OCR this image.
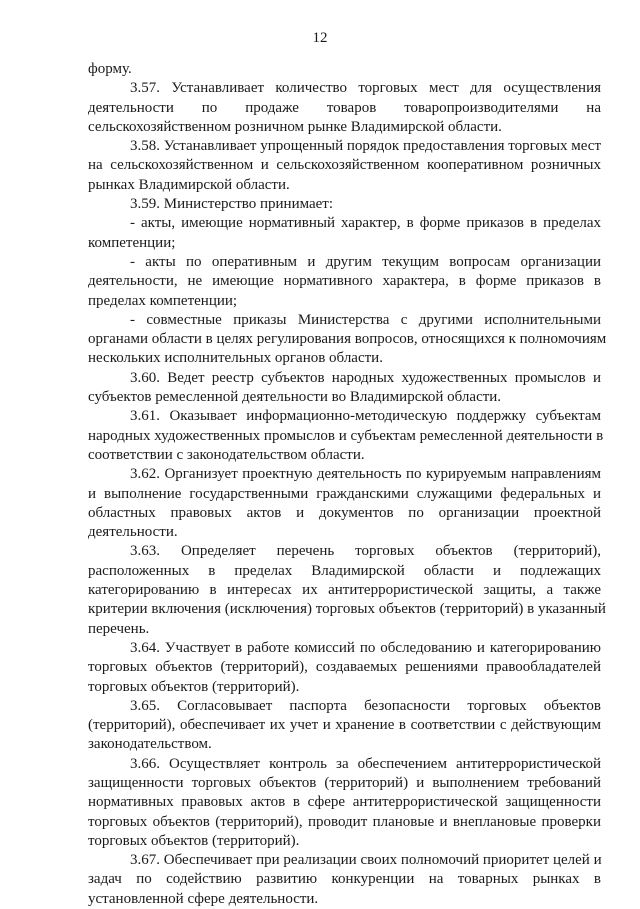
12
форму.
3.57. Устанавливает количество торговых мест для осуществления
деятельности по продаже товаров товаропроизводителями на
сельскохозяйственном розничном рынке Владимирской области.
3.58. Устанавливает упрощенный порядок предоставления торговых мест
на сельскохозяйственном и сельскохозяйственном кооперативном розничных
рынках Владимирской области.
3.59. Министерство принимает:
- акты, имеющие нормативный характер, в форме приказов в пределах
компетенции;
- акты по оперативным и другим текущим вопросам организации
деятельности, не имеющие нормативного характера, в форме приказов в
пределах компетенции;
- совместные приказы Министерства с другими исполнительными
органами области в целях регулирования вопросов, относящихся к полномочиям
нескольких исполнительных органов области.
3.60. Ведет реестр субъектов народных художественных промыслов и
субъектов ремесленной деятельности во Владимирской области.
3.61. Оказывает информационно-методическую поддержку субъектам
народных художественных промыслов и субъектам ремесленной деятельности в
соответствии с законодательством области.
3.62. Организует проектную деятельность по курируемым направлениям
и выполнение государственными гражданскими служащими федеральных и
областных правовых актов и документов по организации проектной
деятельности.
3.63. Определяет перечень торговых объектов (территорий),
расположенных в пределах Владимирской области и подлежащих
категорированию в интересах их антитеррористической защиты, а также
критерии включения (исключения) торговых объектов (территорий) в указанный
перечень.
3.64. Участвует в работе комиссий по обследованию и категорированию
торговых объектов (территорий), создаваемых решениями правообладателей
торговых объектов (территорий).
3.65. Согласовывает паспорта безопасности торговых объектов
(территорий), обеспечивает их учет и хранение в соответствии с действующим
законодательством.
3.66. Осуществляет контроль за обеспечением антитеррористической
защищенности торговых объектов (территорий) и выполнением требований
нормативных правовых актов в сфере антитеррористической защищенности
торговых объектов (территорий), проводит плановые и внеплановые проверки
торговых объектов (территорий).
3.67. Обеспечивает при реализации своих полномочий приоритет целей и
задач по содействию развитию конкуренции на товарных рынках в
установленной сфере деятельности.
